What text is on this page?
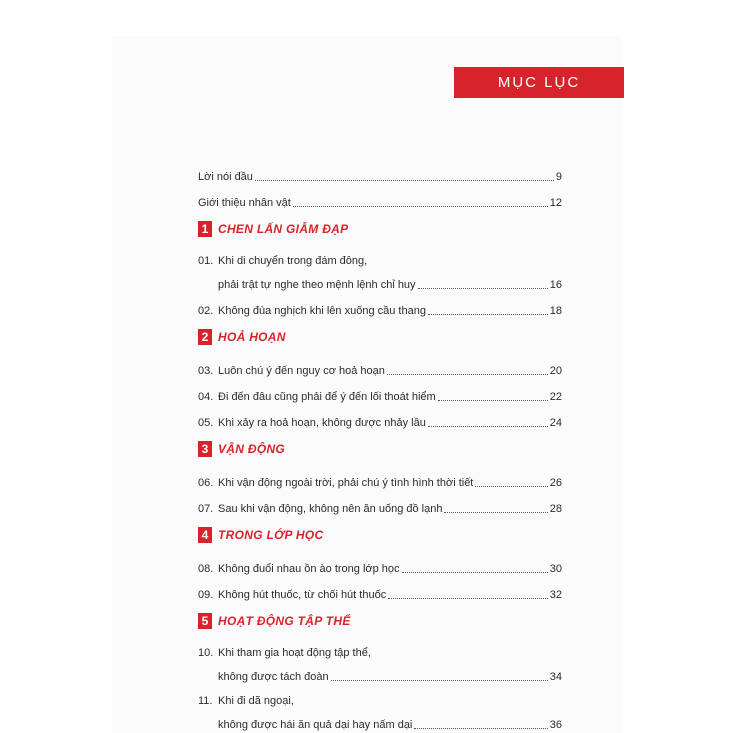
MỤC LỤC
Lời nói đầu	9
Giới thiệu nhân vật	12
1 CHEN LẤN GIẪM ĐẠP
01. Khi di chuyển trong đám đông,
phải trật tự nghe theo mệnh lệnh chỉ huy	16
02. Không đùa nghịch khi lên xuống cầu thang	18
2 HOẢ HOẠN
03. Luôn chú ý đến nguy cơ hoả hoạn	20
04. Đi đến đâu cũng phải để ý đến lối thoát hiểm	22
05. Khi xảy ra hoả hoạn, không được nhảy lầu	24
3 VẬN ĐỘNG
06. Khi vận động ngoài trời, phải chú ý tình hình thời tiết	26
07. Sau khi vận động, không nên ăn uống đồ lạnh	28
4 TRONG LỚP HỌC
08. Không đuổi nhau ồn ào trong lớp học	30
09. Không hút thuốc, từ chối hút thuốc	32
5 HOẠT ĐỘNG TẬP THỂ
10. Khi tham gia hoạt động tập thể,
không được tách đoàn	34
11. Khi đi dã ngoại,
không được hái ăn quả dại hay nấm dại	36
